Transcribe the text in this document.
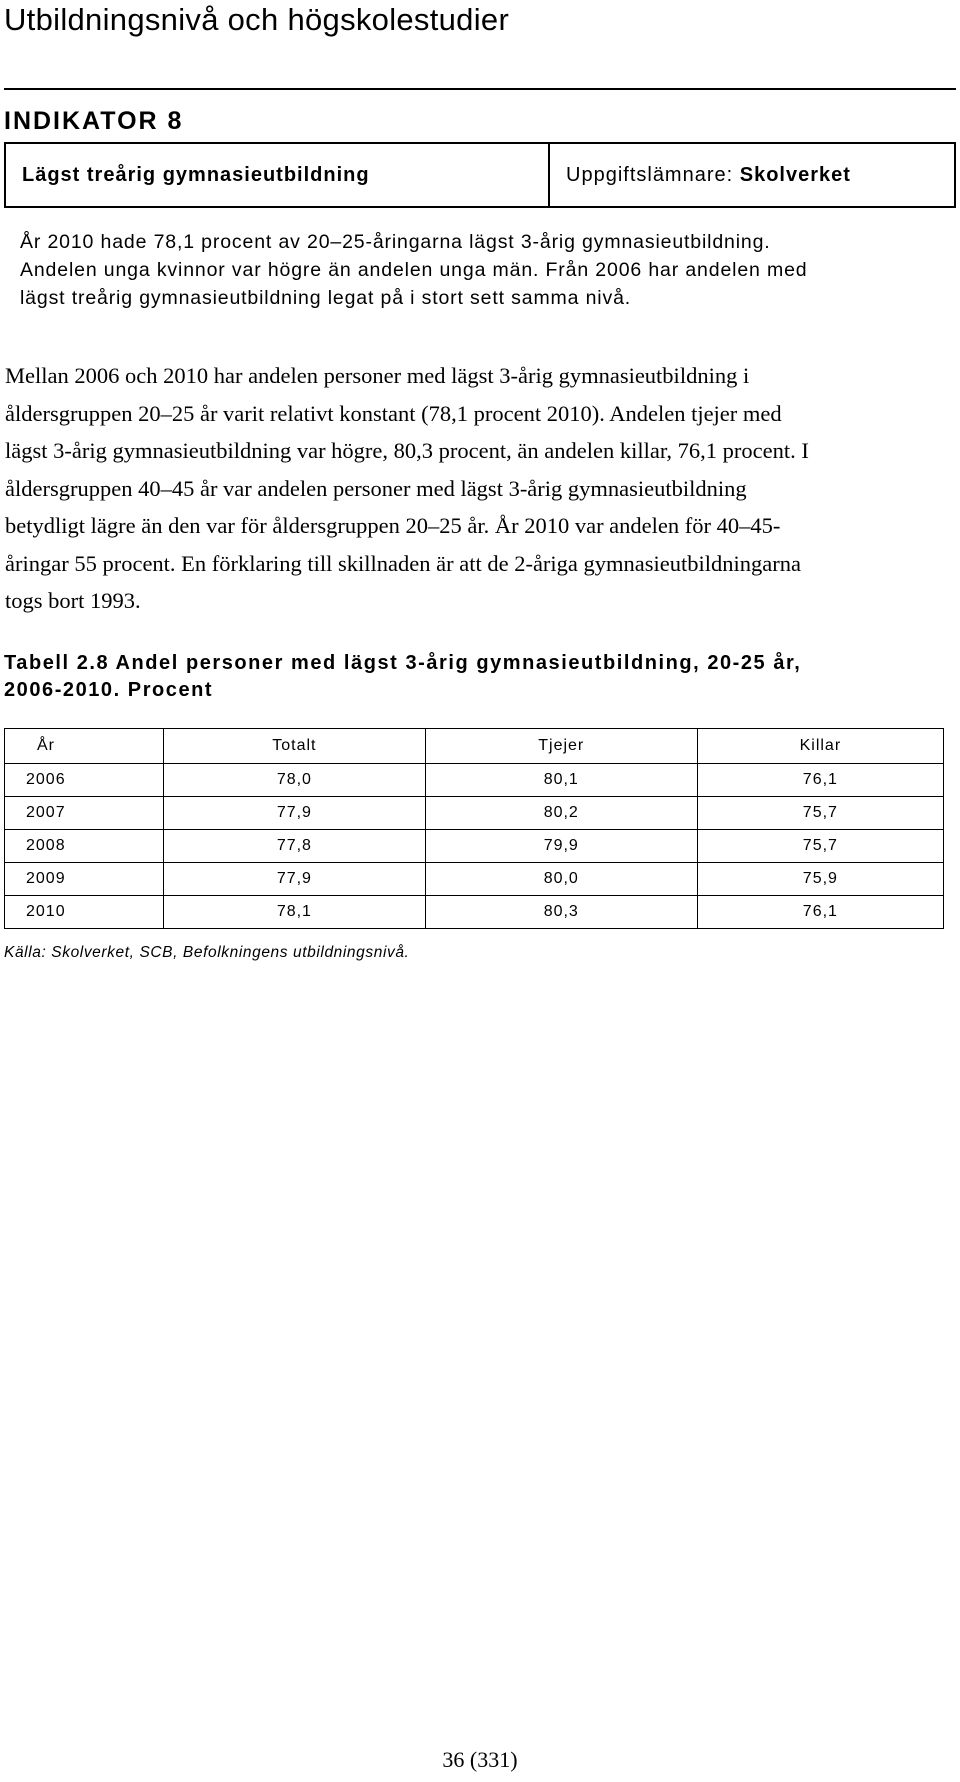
Utbildningsnivå och högskolestudier
INDIKATOR 8
Lägst treårig gymnasieutbildning	Uppgiftslämnare: Skolverket

År 2010 hade 78,1 procent av 20–25-åringarna lägst 3-årig gymnasieutbildning.
Andelen unga kvinnor var högre än andelen unga män. Från 2006 har andelen med
lägst treårig gymnasieutbildning legat på i stort sett samma nivå.

Mellan 2006 och 2010 har andelen personer med lägst 3-årig gymnasieutbildning i
åldersgruppen 20–25 år varit relativt konstant (78,1 procent 2010). Andelen tjejer med
lägst 3-årig gymnasieutbildning var högre, 80,3 procent, än andelen killar, 76,1 procent. I
åldersgruppen 40–45 år var andelen personer med lägst 3-årig gymnasieutbildning
betydligt lägre än den var för åldersgruppen 20–25 år. År 2010 var andelen för 40–45-
åringar 55 procent. En förklaring till skillnaden är att de 2-åriga gymnasieutbildningarna
togs bort 1993.

Tabell 2.8 Andel personer med lägst 3-årig gymnasieutbildning, 20-25 år,
2006-2010. Procent

År	Totalt	Tjejer	Killar
2006	78,0	80,1	76,1
2007	77,9	80,2	75,7
2008	77,8	79,9	75,7
2009	77,9	80,0	75,9
2010	78,1	80,3	76,1

Källa: Skolverket, SCB, Befolkningens utbildningsnivå.

36 (331)
